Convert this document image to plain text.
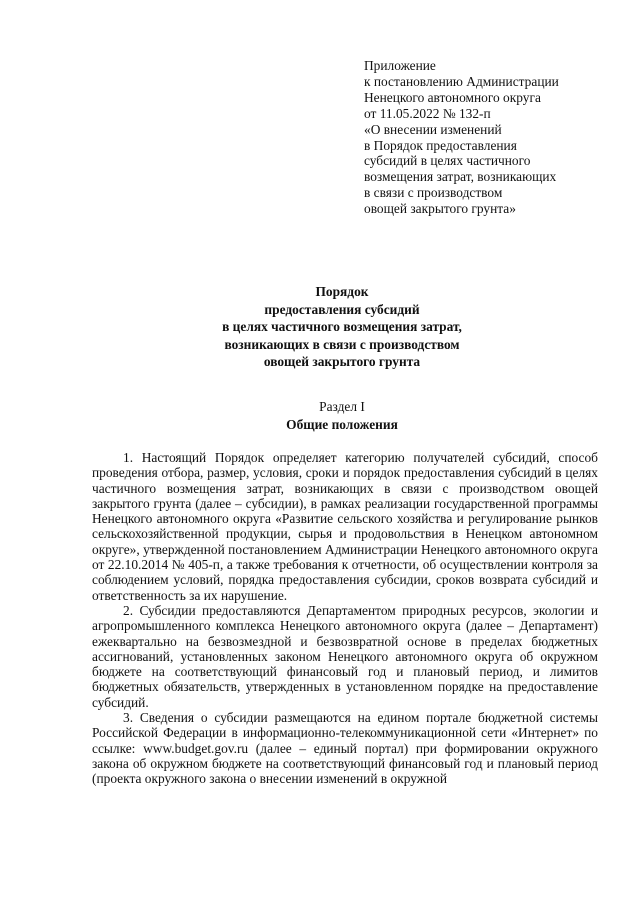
Приложение
к постановлению Администрации
Ненецкого автономного округа
от 11.05.2022 № 132-п
«О внесении изменений
в Порядок предоставления
субсидий в целях частичного
возмещения затрат, возникающих
в связи с производством
овощей закрытого грунта»
Порядок
предоставления субсидий
в целях частичного возмещения затрат,
возникающих в связи с производством
овощей закрытого грунта
Раздел I
Общие положения

1. Настоящий Порядок определяет категорию получателей субсидий, способ проведения отбора, размер, условия, сроки и порядок предоставления субсидий в целях частичного возмещения затрат, возникающих в связи с производством овощей закрытого грунта (далее – субсидии), в рамках реализации государственной программы Ненецкого автономного округа «Развитие сельского хозяйства и регулирование рынков сельскохозяйственной продукции, сырья и продовольствия в Ненецком автономном округе», утвержденной постановлением Администрации Ненецкого автономного округа от 22.10.2014 № 405-п, а также требования к отчетности, об осуществлении контроля за соблюдением условий, порядка предоставления субсидии, сроков возврата субсидий и ответственность за их нарушение.

2. Субсидии предоставляются Департаментом природных ресурсов, экологии и агропромышленного комплекса Ненецкого автономного округа (далее – Департамент) ежеквартально на безвозмездной и безвозвратной основе в пределах бюджетных ассигнований, установленных законом Ненецкого автономного округа об окружном бюджете на соответствующий финансовый год и плановый период, и лимитов бюджетных обязательств, утвержденных в установленном порядке на предоставление субсидий.

3. Сведения о субсидии размещаются на едином портале бюджетной системы Российской Федерации в информационно-телекоммуникационной сети «Интернет» по ссылке: www.budget.gov.ru (далее – единый портал) при формировании окружного закона об окружном бюджете на соответствующий финансовый год и плановый период (проекта окружного закона о внесении изменений в окружной
